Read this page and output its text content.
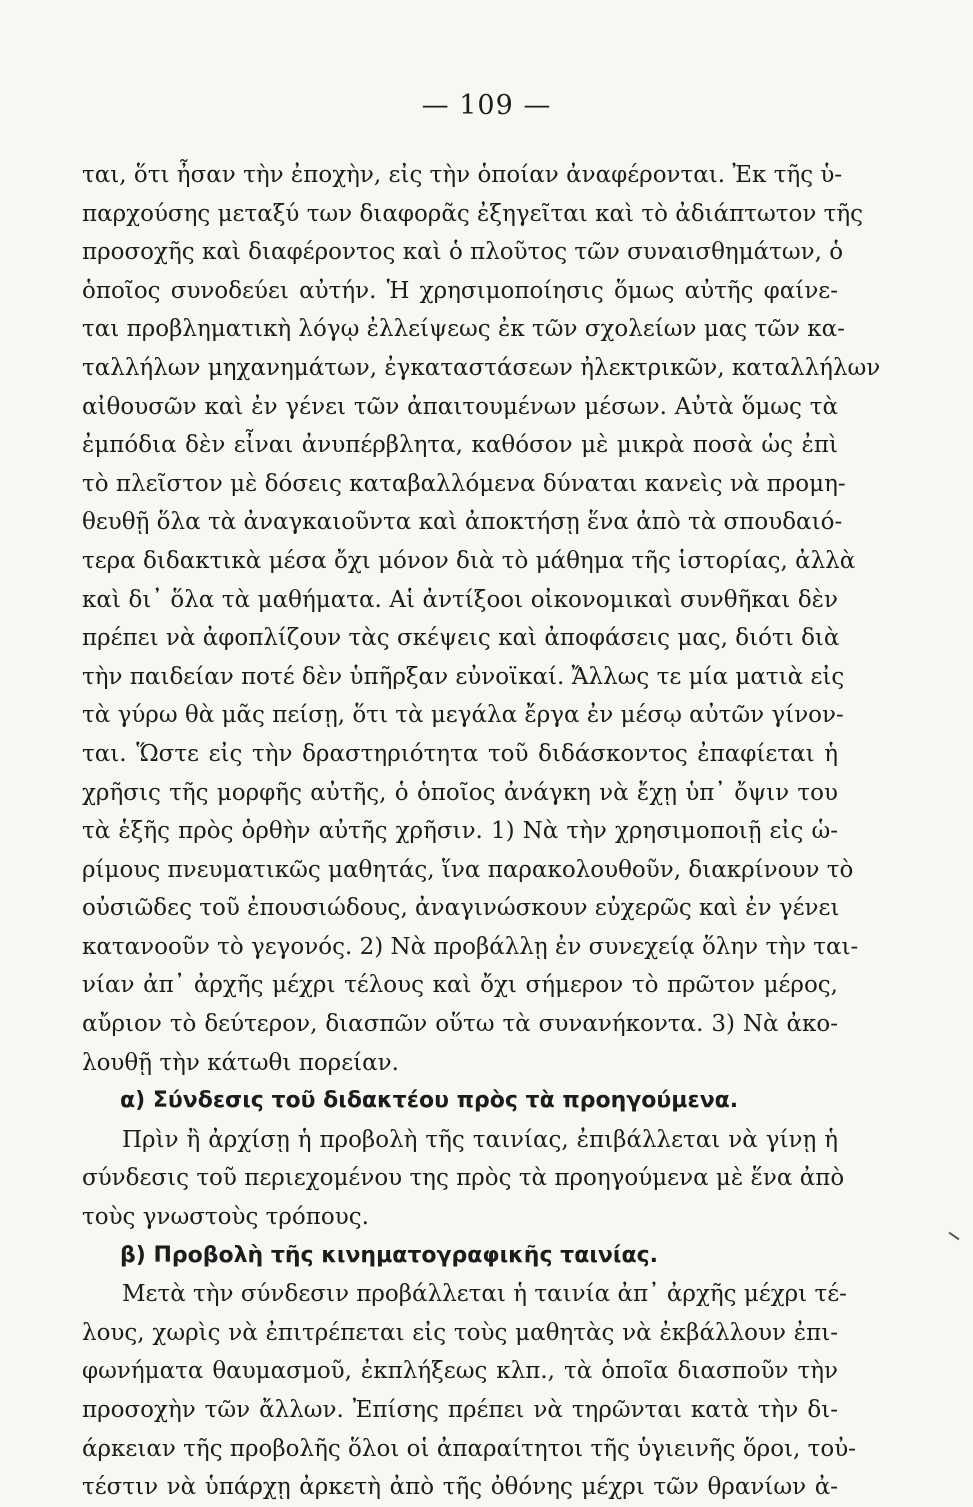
— 109 —
ται, ὅτι ἦσαν τὴν ἐποχὴν, εἰς τὴν ὁποίαν ἀναφέρονται. Ἐκ τῆς ὑ-
παρχούσης μεταξύ των διαφορᾶς ἐξηγεῖται καὶ τὸ ἀδιάπτωτον τῆς
προσοχῆς καὶ διαφέροντος καὶ ὁ πλοῦτος τῶν συναισθημάτων, ὁ
ὁποῖος συνοδεύει αὐτήν. Ἡ χρησιμοποίησις ὅμως αὐτῆς φαίνε-
ται προβληματικὴ λόγῳ ἐλλείψεως ἐκ τῶν σχολείων μας τῶν κα-
ταλλήλων μηχανημάτων, ἐγκαταστάσεων ἠλεκτρικῶν, καταλλήλων
αἰθουσῶν καὶ ἐν γένει τῶν ἀπαιτουμένων μέσων. Αὐτὰ ὅμως τὰ
ἐμπόδια δὲν εἶναι ἀνυπέρβλητα, καθόσον μὲ μικρὰ ποσὰ ὡς ἐπὶ
τὸ πλεῖστον μὲ δόσεις καταβαλλόμενα δύναται κανεὶς νὰ προμη-
θευθῇ ὅλα τὰ ἀναγκαιοῦντα καὶ ἀποκτήσῃ ἕνα ἀπὸ τὰ σπουδαιό-
τερα διδακτικὰ μέσα ὄχι μόνον διὰ τὸ μάθημα τῆς ἱστορίας, ἀλλὰ
καὶ δι᾽ ὅλα τὰ μαθήματα. Αἱ ἀντίξοοι οἰκονομικαὶ συνθῆκαι δὲν
πρέπει νὰ ἀφοπλίζουν τὰς σκέψεις καὶ ἀποφάσεις μας, διότι διὰ
τὴν παιδείαν ποτέ δὲν ὑπῆρξαν εὐνοϊκαί. Ἄλλως τε μία ματιὰ εἰς
τὰ γύρω θὰ μᾶς πείσῃ, ὅτι τὰ μεγάλα ἔργα ἐν μέσῳ αὐτῶν γίνον-
ται. Ὥστε εἰς τὴν δραστηριότητα τοῦ διδάσκοντος ἐπαφίεται ἡ
χρῆσις τῆς μορφῆς αὐτῆς, ὁ ὁποῖος ἀνάγκη νὰ ἔχῃ ὑπ᾽ ὄψιν του
τὰ ἑξῆς πρὸς ὀρθὴν αὐτῆς χρῆσιν. 1) Νὰ τὴν χρησιμοποιῇ εἰς ὡ-
ρίμους πνευματικῶς μαθητάς, ἵνα παρακολουθοῦν, διακρίνουν τὸ
οὐσιῶδες τοῦ ἐπουσιώδους, ἀναγινώσκουν εὐχερῶς καὶ ἐν γένει
κατανοοῦν τὸ γεγονός. 2) Νὰ προβάλλῃ ἐν συνεχείᾳ ὅλην τὴν ται-
νίαν ἀπ᾽ ἀρχῆς μέχρι τέλους καὶ ὄχι σήμερον τὸ πρῶτον μέρος,
αὔριον τὸ δεύτερον, διασπῶν οὕτω τὰ συνανήκοντα. 3) Νὰ ἀκο-
λουθῇ τὴν κάτωθι πορείαν.
α) Σύνδεσις τοῦ διδακτέου πρὸς τὰ προηγούμενα.
Πρὶν ἢ ἀρχίσῃ ἡ προβολὴ τῆς ταινίας, ἐπιβάλλεται νὰ γίνῃ ἡ
σύνδεσις τοῦ περιεχομένου της πρὸς τὰ προηγούμενα μὲ ἕνα ἀπὸ
τοὺς γνωστοὺς τρόπους.
β) Προβολὴ τῆς κινηματογραφικῆς ταινίας.
Μετὰ τὴν σύνδεσιν προβάλλεται ἡ ταινία ἀπ᾽ ἀρχῆς μέχρι τέ-
λους, χωρὶς νὰ ἐπιτρέπεται εἰς τοὺς μαθητὰς νὰ ἐκβάλλουν ἐπι-
φωνήματα θαυμασμοῦ, ἐκπλήξεως κλπ., τὰ ὁποῖα διασποῦν τὴν
προσοχὴν τῶν ἄλλων. Ἐπίσης πρέπει νὰ τηρῶνται κατὰ τὴν δι-
άρκειαν τῆς προβολῆς ὅλοι οἱ ἀπαραίτητοι τῆς ὑγιεινῆς ὅροι, τοὐ-
τέστιν νὰ ὑπάρχῃ ἀρκετὴ ἀπὸ τῆς ὀθόνης μέχρι τῶν θρανίων ἀ-
